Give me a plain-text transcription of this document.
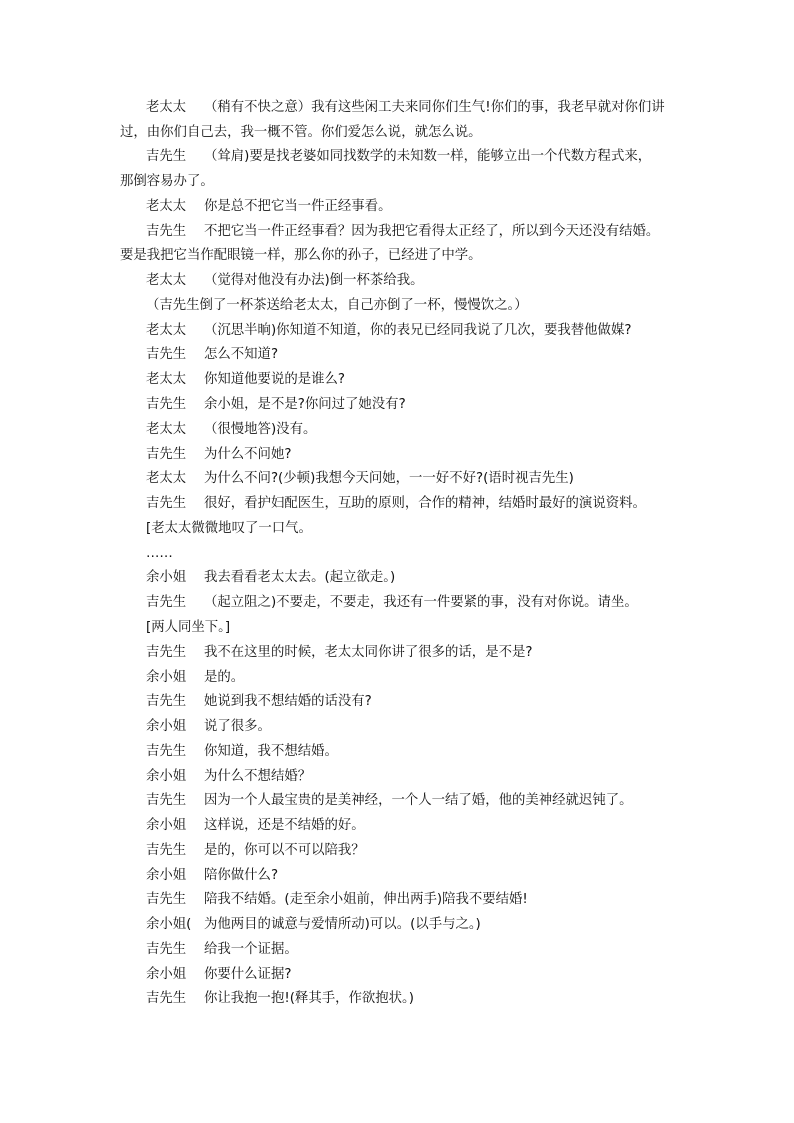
老太太 （稍有不快之意）我有这些闲工夫来同你们生气!你们的事，我老早就对你们讲
过，由你们自己去，我一概不管。你们爱怎么说，就怎么说。
吉先生 （耸肩)要是找老婆如同找数学的未知数一样，能够立出一个代数方程式来，
那倒容易办了。
老太太 你是总不把它当一件正经事看。
吉先生 不把它当一件正经事看？因为我把它看得太正经了，所以到今天还没有结婚。
要是我把它当作配眼镜一样，那么你的孙子，已经进了中学。
老太太 （觉得对他没有办法)倒一杯茶给我。
（吉先生倒了一杯茶送给老太太，自己亦倒了一杯，慢慢饮之。）
老太太 （沉思半晌)你知道不知道，你的表兄已经同我说了几次，要我替他做媒?
吉先生 怎么不知道?
老太太 你知道他要说的是谁么?
吉先生 余小姐，是不是?你问过了她没有?
老太太 （很慢地答)没有。
吉先生 为什么不问她?
老太太 为什么不问?(少顿)我想今天问她，一一好不好?(语时视吉先生)
吉先生 很好，看护妇配医生，互助的原则，合作的精神，结婚时最好的演说资料。
[老太太微微地叹了一口气。
……
余小姐 我去看看老太太去。(起立欲走。)
吉先生 （起立阻之)不要走，不要走，我还有一件要紧的事，没有对你说。请坐。
[两人同坐下。]
吉先生 我不在这里的时候，老太太同你讲了很多的话，是不是?
余小姐 是的。
吉先生 她说到我不想结婚的话没有?
余小姐 说了很多。
吉先生 你知道，我不想结婚。
余小姐 为什么不想结婚？
吉先生 因为一个人最宝贵的是美神经，一个人一结了婚，他的美神经就迟钝了。
余小姐 这样说，还是不结婚的好。
吉先生 是的，你可以不可以陪我？
余小姐 陪你做什么?
吉先生 陪我不结婚。(走至余小姐前，伸出两手)陪我不要结婚!
余小姐( 为他两目的诚意与爱情所动)可以。(以手与之。)
吉先生 给我一个证据。
余小姐 你要什么证据?
吉先生 你让我抱一抱!(释其手，作欲抱状。)
